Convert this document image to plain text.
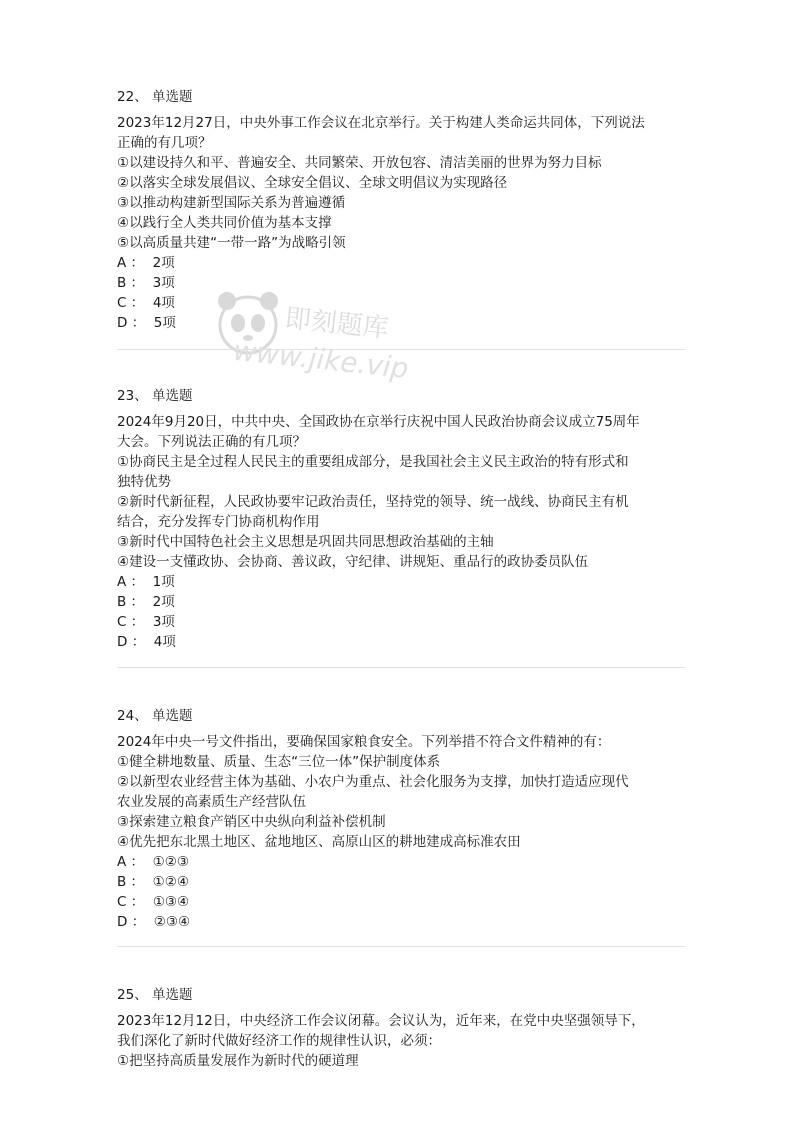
即刻题库
www.jike.vip
22、 单选题

2023年12月27日，中央外事工作会议在北京举行。关于构建人类命运共同体，下列说法

正确的有几项？

①以建设持久和平、普遍安全、共同繁荣、开放包容、清洁美丽的世界为努力目标

②以落实全球发展倡议、全球安全倡议、全球文明倡议为实现路径

③以推动构建新型国际关系为普遍遵循

④以践行全人类共同价值为基本支撑

⑤以高质量共建“一带一路”为战略引领

A ：  2项

B ：  3项

C ：  4项

D ：  5项

23、 单选题

2024年9月20日，中共中央、全国政协在京举行庆祝中国人民政治协商会议成立75周年

大会。下列说法正确的有几项？

①协商民主是全过程人民民主的重要组成部分，是我国社会主义民主政治的特有形式和

独特优势

②新时代新征程，人民政协要牢记政治责任，坚持党的领导、统一战线、协商民主有机

结合，充分发挥专门协商机构作用

③新时代中国特色社会主义思想是巩固共同思想政治基础的主轴

④建设一支懂政协、会协商、善议政，守纪律、讲规矩、重品行的政协委员队伍

A ：  1项

B ：  2项

C ：  3项

D ：  4项

24、 单选题

2024年中央一号文件指出，要确保国家粮食安全。下列举措不符合文件精神的有：

①健全耕地数量、质量、生态“三位一体”保护制度体系

②以新型农业经营主体为基础、小农户为重点、社会化服务为支撑，加快打造适应现代

农业发展的高素质生产经营队伍

③探索建立粮食产销区中央纵向利益补偿机制

④优先把东北黑土地区、盆地地区、高原山区的耕地建成高标准农田

A ：  ①②③

B ：  ①②④

C ：  ①③④

D ：  ②③④

25、 单选题

2023年12月12日，中央经济工作会议闭幕。会议认为，近年来，在党中央坚强领导下，

我们深化了新时代做好经济工作的规律性认识，必须：

①把坚持高质量发展作为新时代的硬道理
